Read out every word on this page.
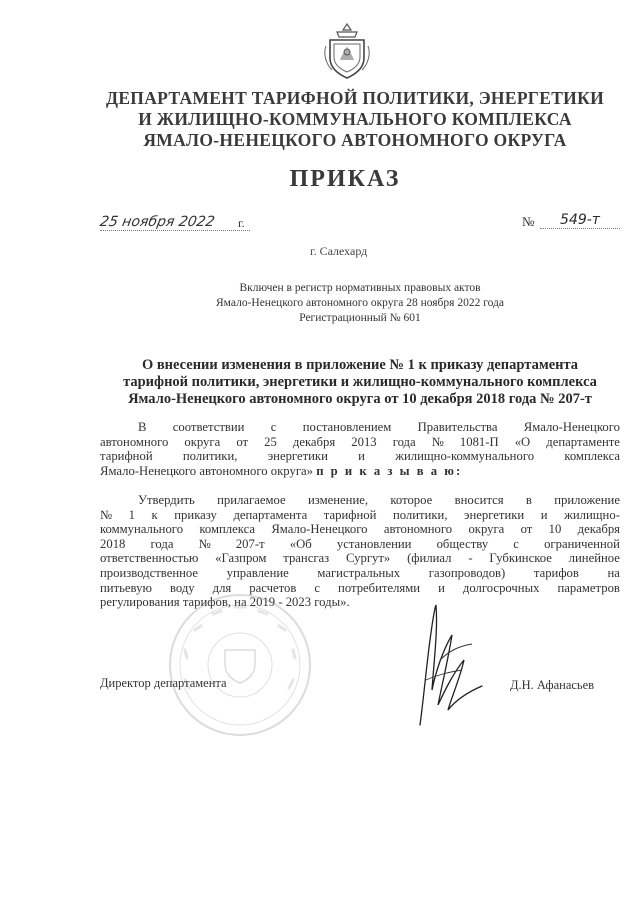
ДЕПАРТАМЕНТ ТАРИФНОЙ ПОЛИТИКИ, ЭНЕРГЕТИКИ
И ЖИЛИЩНО-КОММУНАЛЬНОГО КОМПЛЕКСА
ЯМАЛО-НЕНЕЦКОГО АВТОНОМНОГО ОКРУГА
ПРИКАЗ
25 ноября 2022	г.	№	549-т
г. Салехард
Включен в регистр нормативных правовых актов
Ямало-Ненецкого автономного округа 28 ноября 2022 года
Регистрационный № 601
О внесении изменения в приложение № 1 к приказу департамента
тарифной политики, энергетики и жилищно-коммунального комплекса
Ямало-Ненецкого автономного округа от 10 декабря 2018 года № 207-т
В соответствии с постановлением Правительства Ямало-Ненецкого
автономного округа от 25 декабря 2013 года № 1081-П «О департаменте
тарифной политики, энергетики и жилищно-коммунального комплекса
Ямало-Ненецкого автономного округа»
п р и к а з ы в а ю:
Утвердить прилагаемое изменение, которое вносится в приложение
№ 1 к приказу департамента тарифной политики, энергетики и жилищно-
коммунального комплекса Ямало-Ненецкого автономного округа от 10 декабря
2018 года № 207-т «Об установлении обществу с ограниченной
ответственностью «Газпром трансгаз Сургут» (филиал - Губкинское линейное
производственное управление магистральных газопроводов) тарифов на
питьевую воду для расчетов с потребителями и долгосрочных параметров
регулирования тарифов, на 2019 - 2023 годы».
Директор департамента	Д.Н. Афанасьев
